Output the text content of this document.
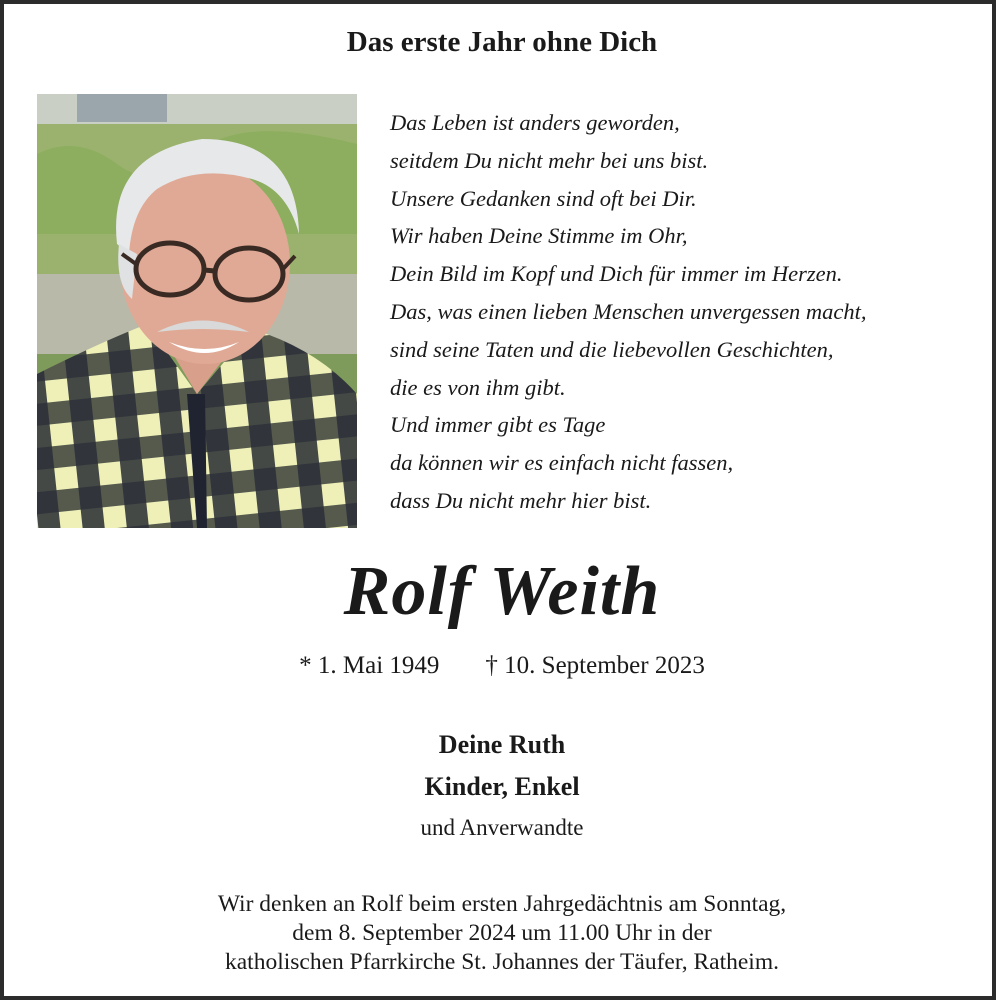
Das erste Jahr ohne Dich
Das Leben ist anders geworden,
seitdem Du nicht mehr bei uns bist.
Unsere Gedanken sind oft bei Dir.
Wir haben Deine Stimme im Ohr,
Dein Bild im Kopf und Dich für immer im Herzen.
Das, was einen lieben Menschen unvergessen macht,
sind seine Taten und die liebevollen Geschichten,
die es von ihm gibt.
Und immer gibt es Tage
da können wir es einfach nicht fassen,
dass Du nicht mehr hier bist.
Rolf Weith
* 1. Mai 1949 † 10. September 2023
Deine Ruth
Kinder, Enkel
und Anverwandte
Wir denken an Rolf beim ersten Jahrgedächtnis am Sonntag,
dem 8. September 2024 um 11.00 Uhr in der
katholischen Pfarrkirche St. Johannes der Täufer, Ratheim.
